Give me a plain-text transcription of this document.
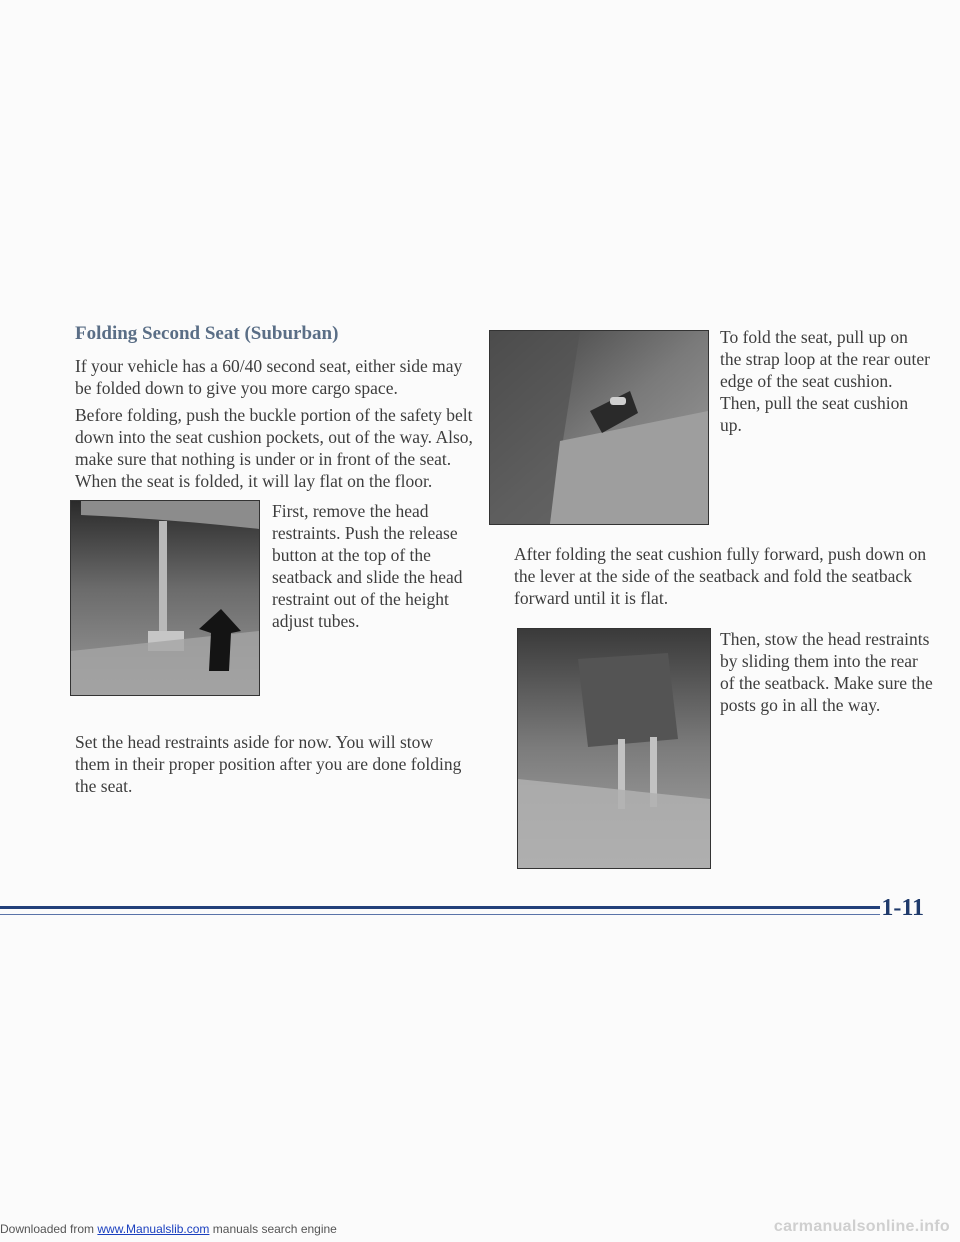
Folding Second Seat (Suburban)

If your vehicle has a 60/40 second seat, either side may be folded down to give you more cargo space.

Before folding, push the buckle portion of the safety belt down into the seat cushion pockets, out of the way. Also, make sure that nothing is under or in front of the seat. When the seat is folded, it will lay flat on the floor.

First, remove the head restraints. Push the release button at the top of the seatback and slide the head restraint out of the height adjust tubes.

Set the head restraints aside for now. You will stow them in their proper position after you are done folding the seat.

To fold the seat, pull up on the strap loop at the rear outer edge of the seat cushion. Then, pull the seat cushion up.

After folding the seat cushion fully forward, push down on the lever at the side of the seatback and fold the seatback forward until it is flat.

Then, stow the head restraints by sliding them into the rear of the seatback. Make sure the posts go in all the way.

1-11

Downloaded from www.Manualslib.com manuals search engine	carmanualsonline.info
